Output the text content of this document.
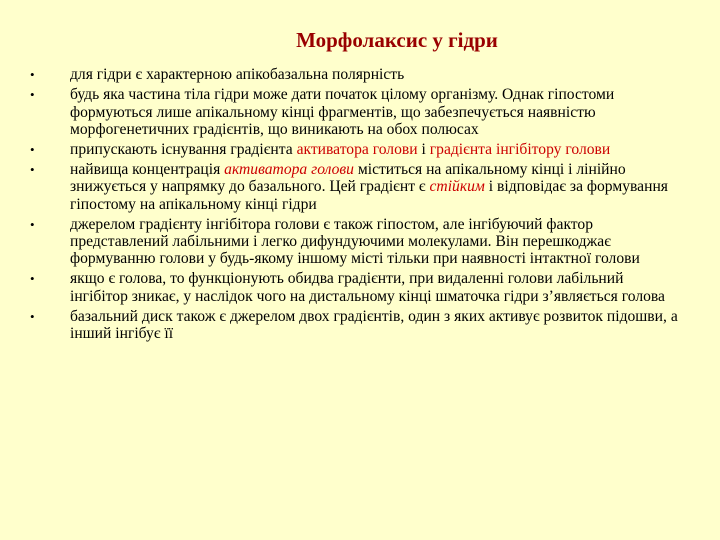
Морфолаксис у гідри
• для гідри є характерною апікобазальна полярність
• будь яка частина тіла гідри може дати початок цілому організму. Однак гіпостоми формуються лише апікальному кінці фрагментів, що забезпечується наявністю морфогенетичних градієнтів, що виникають на обох полюсах
• припускають існування градієнта активатора голови і градієнта інгібітору голови
• найвища концентрація активатора голови міститься на апікальному кінці і лінійно знижується у напрямку до базального. Цей градієнт є стійким і відповідає за формування гіпостому на апікальному кінці гідри
• джерелом градієнту інгібітора голови є також гіпостом, але інгібуючий фактор представлений лабільними і легко дифундуючими молекулами. Він перешкоджає формуванню голови у будь-якому іншому місті тільки при наявності інтактної голови
• якщо є голова, то функціонують обидва градієнти, при видаленні голови лабільний інгібітор зникає, у наслідок чого на дистальному кінці шматочка гідри з’являється голова
• базальний диск також є джерелом двох градієнтів, один з яких активує розвиток підошви, а інший інгібує її
